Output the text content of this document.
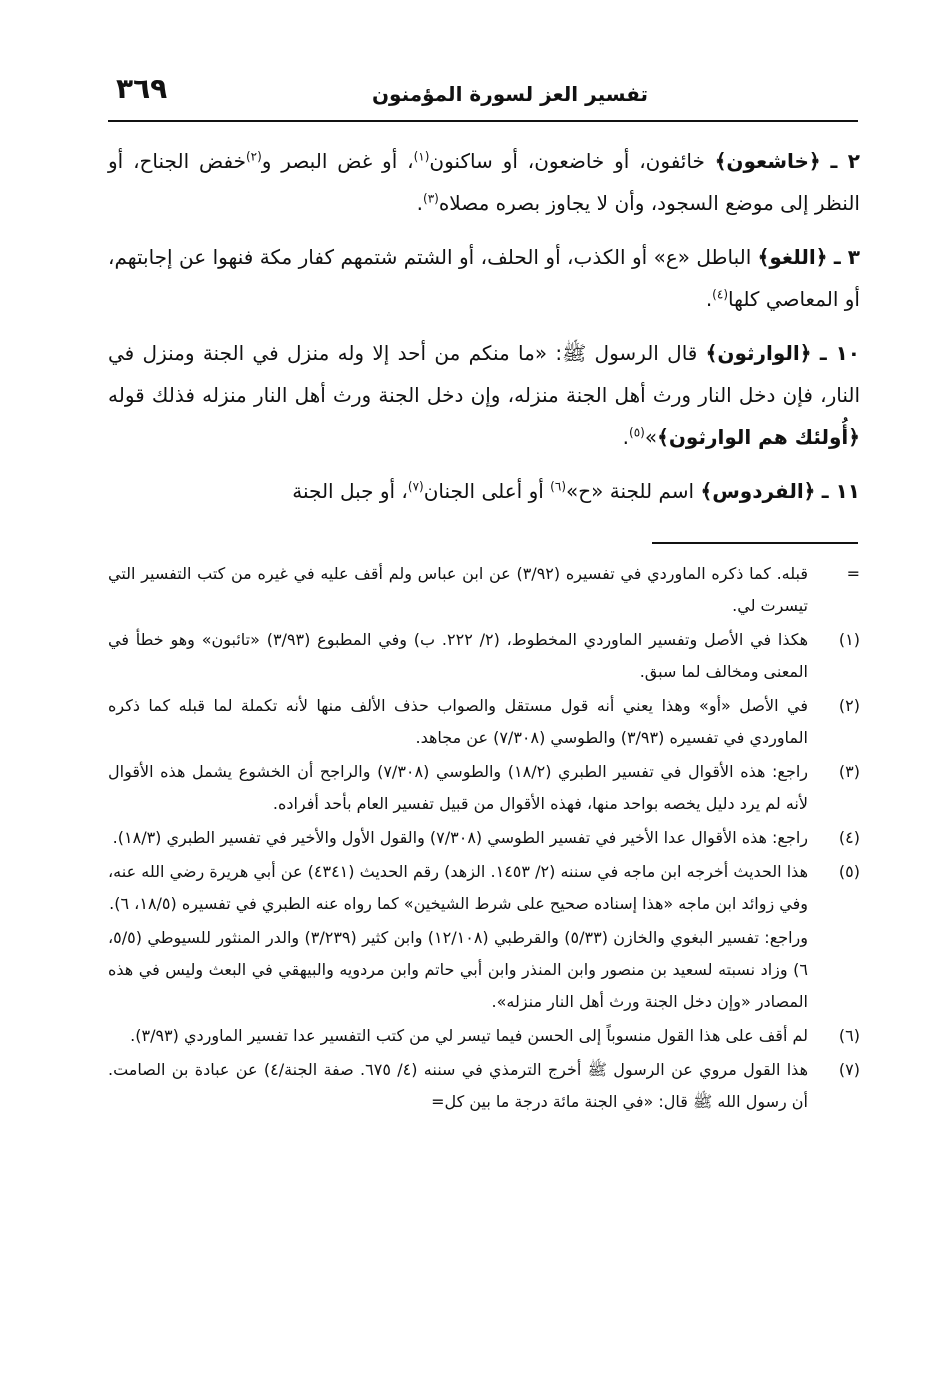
تفسير العز لسورة المؤمنون
٣٦٩

٢ ـ ﴿خاشعون﴾ خائفون، أو خاضعون، أو ساكنون$^{(١)}$، أو غض البصر و$^{(٢)}$خفض الجناح، أو النظر إلى موضع السجود، وأن لا يجاوز بصره مصلاه$^{(٣)}$.

٣ ـ ﴿اللغو﴾ الباطل «ع» أو الكذب، أو الحلف، أو الشتم شتمهم كفار مكة فنهوا عن إجابتهم، أو المعاصي كلها$^{(٤)}$.

١٠ ـ ﴿الوارثون﴾ قال الرسول ﷺ: «ما منكم من أحد إلا وله منزل في الجنة ومنزل في النار، فإن دخل النار ورث أهل الجنة منزله، وإن دخل الجنة ورث أهل النار منزله فذلك قوله ﴿أُولئك هم الوارثون﴾»$^{(٥)}$.

١١ ـ ﴿الفردوس﴾ اسم للجنة «ح»$^{(٦)}$ أو أعلى الجنان$^{(٧)}$، أو جبل الجنة

=
قبله. كما ذكره الماوردي في تفسيره (٣/٩٢) عن ابن عباس ولم أقف عليه في غيره من كتب التفسير التي تيسرت لي.
(١)
هكذا في الأصل وتفسير الماوردي المخطوط، (٢/ ٢٢٢. ب) وفي المطبوع (٣/٩٣) «تائبون» وهو خطأ في المعنى ومخالف لما سبق.
(٢)
في الأصل «أو» وهذا يعني أنه قول مستقل والصواب حذف الألف منها لأنه تكملة لما قبله كما ذكره الماوردي في تفسيره (٣/٩٣) والطوسي (٧/٣٠٨) عن مجاهد.
(٣)
راجع: هذه الأقوال في تفسير الطبري (١٨/٢) والطوسي (٧/٣٠٨) والراجح أن الخشوع يشمل هذه الأقوال لأنه لم يرد دليل يخصه بواحد منها، فهذه الأقوال من قبيل تفسير العام بأحد أفراده.
(٤)
راجع: هذه الأقوال عدا الأخير في تفسير الطوسي (٧/٣٠٨) والقول الأول والأخير في تفسير الطبري (١٨/٣).
(٥)
هذا الحديث أخرجه ابن ماجه في سننه (٢/ ١٤٥٣. الزهد) رقم الحديث (٤٣٤١) عن أبي هريرة رضي الله عنه، وفي زوائد ابن ماجه «هذا إسناده صحيح على شرط الشيخين» كما رواه عنه الطبري في تفسيره (١٨/٥، ٦).
وراجع: تفسير البغوي والخازن (٥/٣٣) والقرطبي (١٢/١٠٨) وابن كثير (٣/٢٣٩) والدر المنثور للسيوطي (٥/٥، ٦) وزاد نسبته لسعيد بن منصور وابن المنذر وابن أبي حاتم وابن مردويه والبيهقي في البعث وليس في هذه المصادر «وإن دخل الجنة ورث أهل النار منزله».
(٦)
لم أقف على هذا القول منسوباً إلى الحسن فيما تيسر لي من كتب التفسير عدا تفسير الماوردي (٣/٩٣).
(٧)
هذا القول مروي عن الرسول ﷺ أخرج الترمذي في سننه (٤/ ٦٧٥. صفة الجنة/٤) عن عبادة بن الصامت. أن رسول الله ﷺ قال: «في الجنة مائة درجة ما بين كل=
